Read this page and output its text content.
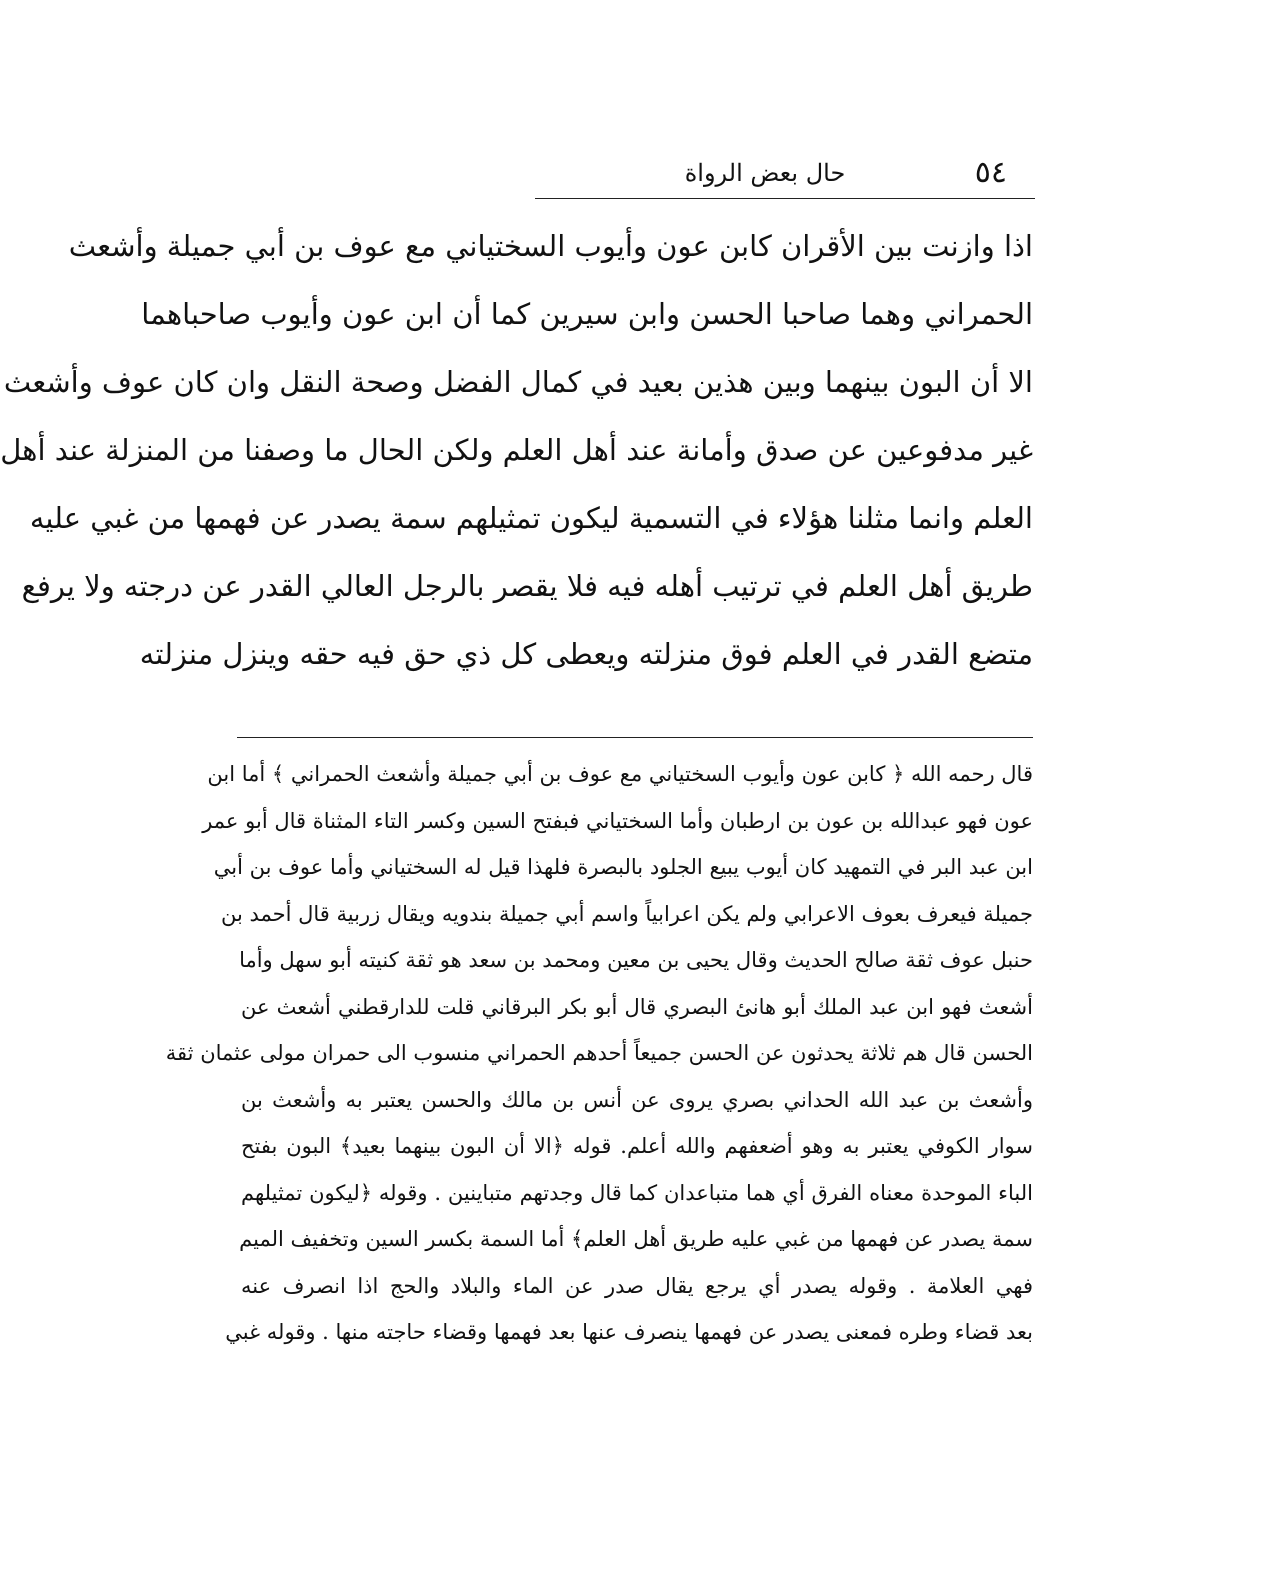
٥٤
حال بعض الرواة
اذا وازنت بين الأقران كابن عون وأيوب السختياني مع عوف بن أبي جميلة وأشعث
الحمراني وهما صاحبا الحسن وابن سيرين كما أن ابن عون وأيوب صاحباهما
الا أن البون بينهما وبين هذين بعيد في كمال الفضل وصحة النقل وان كان عوف وأشعث
غير مدفوعين عن صدق وأمانة عند أهل العلم ولكن الحال ما وصفنا من المنزلة عند أهل
العلم وانما مثلنا هؤلاء في التسمية ليكون تمثيلهم سمة يصدر عن فهمها من غبي عليه
طريق أهل العلم في ترتيب أهله فيه فلا يقصر بالرجل العالي القدر عن درجته ولا يرفع
متضع القدر في العلم فوق منزلته ويعطى كل ذي حق فيه حقه وينزل منزلته
قال رحمه الله ﴿ كابن عون وأيوب السختياني مع عوف بن أبي جميلة وأشعث الحمراني ﴾ أما ابن
عون فهو عبدالله بن عون بن ارطبان وأما السختياني فبفتح السين وكسر التاء المثناة قال أبو عمر
ابن عبد البر في التمهيد كان أيوب يبيع الجلود بالبصرة فلهذا قيل له السختياني وأما عوف بن أبي
جميلة فيعرف بعوف الاعرابي ولم يكن اعرابياً واسم أبي جميلة بندويه ويقال زربية قال أحمد بن
حنبل عوف ثقة صالح الحديث وقال يحيى بن معين ومحمد بن سعد هو ثقة كنيته أبو سهل وأما
أشعث فهو ابن عبد الملك أبو هانئ البصري قال أبو بكر البرقاني قلت للدارقطني أشعث عن
الحسن قال هم ثلاثة يحدثون عن الحسن جميعاً أحدهم الحمراني منسوب الى حمران مولى عثمان ثقة
وأشعث بن عبد الله الحداني بصري يروى عن أنس بن مالك والحسن يعتبر به وأشعث بن
سوار الكوفي يعتبر به وهو أضعفهم والله أعلم. قوله ﴿الا أن البون بينهما بعيد﴾ البون بفتح
الباء الموحدة معناه الفرق أي هما متباعدان كما قال وجدتهم متباينين . وقوله ﴿ليكون تمثيلهم
سمة يصدر عن فهمها من غبي عليه طريق أهل العلم﴾ أما السمة بكسر السين وتخفيف الميم
فهي العلامة . وقوله يصدر أي يرجع يقال صدر عن الماء والبلاد والحج اذا انصرف عنه
بعد قضاء وطره فمعنى يصدر عن فهمها ينصرف عنها بعد فهمها وقضاء حاجته منها . وقوله غبي
